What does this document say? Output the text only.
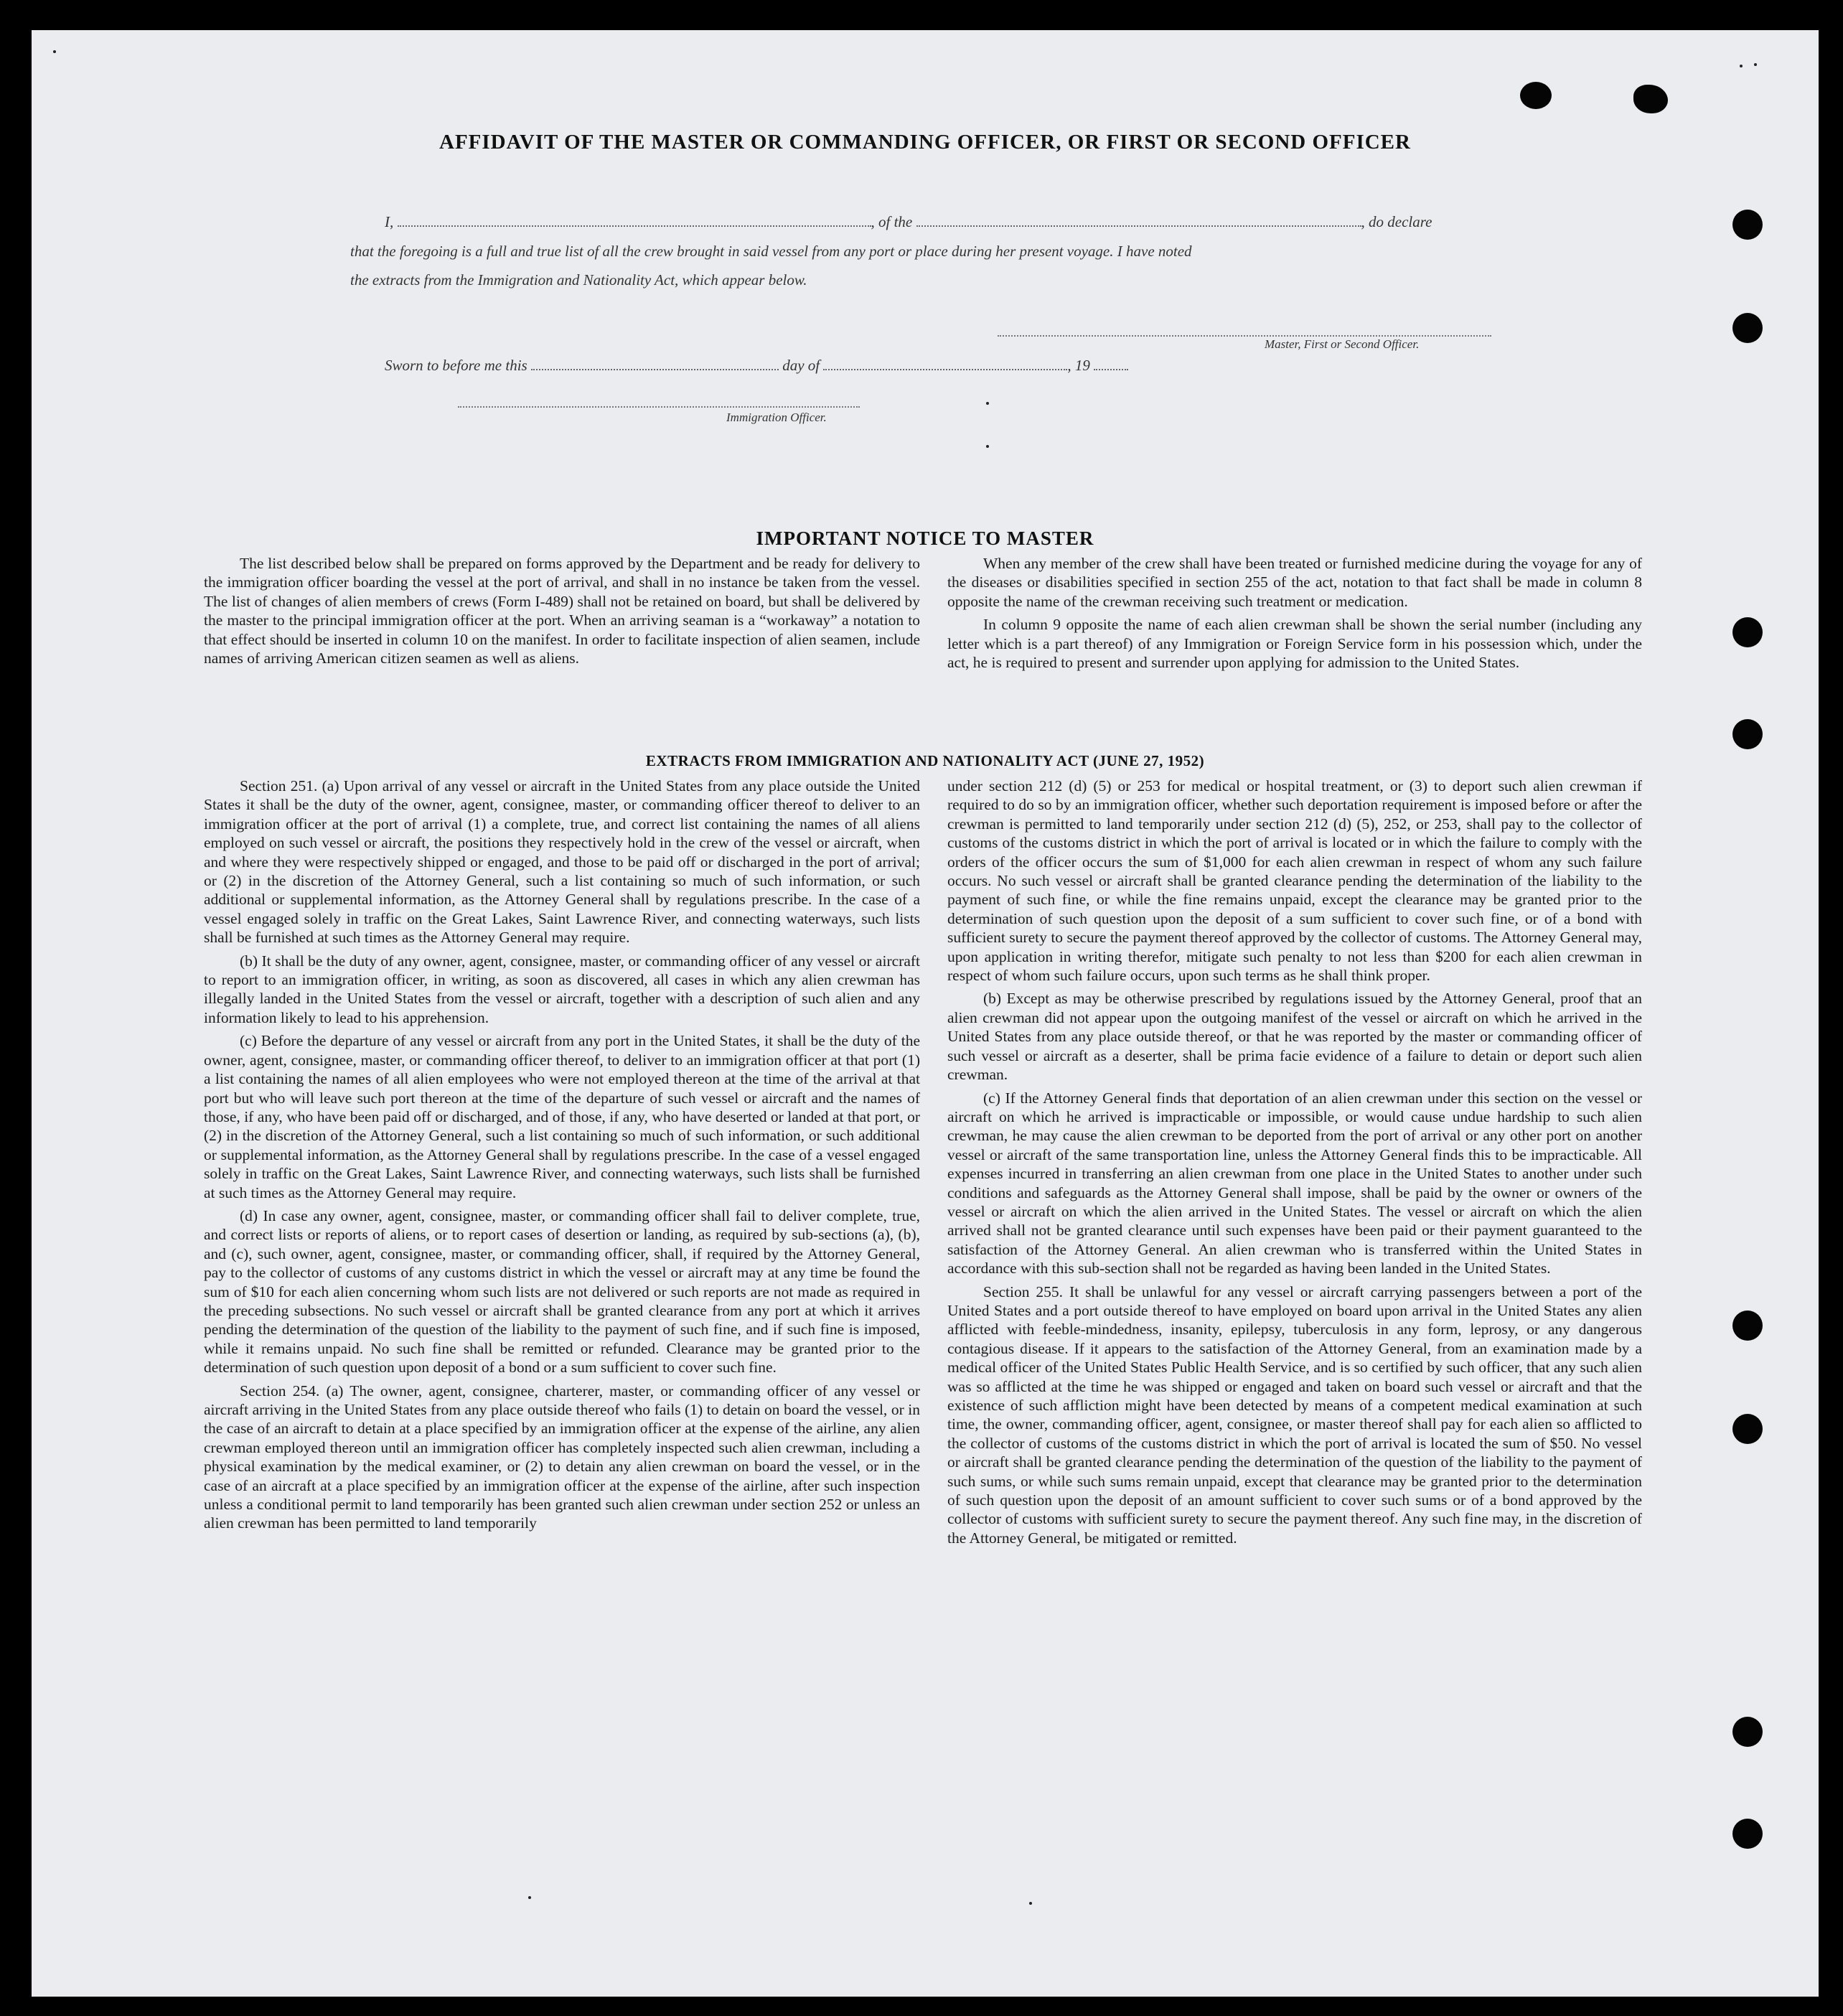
AFFIDAVIT OF THE MASTER OR COMMANDING OFFICER, OR FIRST OR SECOND OFFICER
I,	, of the	, do declare
that the foregoing is a full and true list of all the crew brought in said vessel from any port or place during her present voyage. I have noted
the extracts from the Immigration and Nationality Act, which appear below.
Master, First or Second Officer.
Sworn to before me this	day of	, 19
Immigration Officer.
IMPORTANT NOTICE TO MASTER

The list described below shall be prepared on forms approved by the Department and be ready for delivery to the immigration officer boarding the vessel at the port of arrival, and shall in no instance be taken from the vessel. The list of changes of alien members of crews (Form I-489) shall not be retained on board, but shall be delivered by the master to the principal immigration officer at the port. When an arriving seaman is a “workaway” a notation to that effect should be inserted in column 10 on the manifest. In order to facilitate inspection of alien seamen, include names of arriving American citizen seamen as well as aliens.

When any member of the crew shall have been treated or furnished medicine during the voyage for any of the diseases or disabilities specified in section 255 of the act, notation to that fact shall be made in column 8 opposite the name of the crewman receiving such treatment or medication.

In column 9 opposite the name of each alien crewman shall be shown the serial number (including any letter which is a part thereof) of any Immigration or Foreign Service form in his possession which, under the act, he is required to present and surrender upon applying for admission to the United States.

EXTRACTS FROM IMMIGRATION AND NATIONALITY ACT (JUNE 27, 1952)

Section 251. (a) Upon arrival of any vessel or aircraft in the United States from any place outside the United States it shall be the duty of the owner, agent, consignee, master, or commanding officer thereof to deliver to an immigration officer at the port of arrival (1) a complete, true, and correct list containing the names of all aliens employed on such vessel or aircraft, the positions they respectively hold in the crew of the vessel or aircraft, when and where they were respectively shipped or engaged, and those to be paid off or discharged in the port of arrival; or (2) in the discretion of the Attorney General, such a list containing so much of such information, or such additional or supplemental information, as the Attorney General shall by regulations prescribe. In the case of a vessel engaged solely in traffic on the Great Lakes, Saint Lawrence River, and connecting waterways, such lists shall be furnished at such times as the Attorney General may require.

(b) It shall be the duty of any owner, agent, consignee, master, or commanding officer of any vessel or aircraft to report to an immigration officer, in writing, as soon as discovered, all cases in which any alien crewman has illegally landed in the United States from the vessel or aircraft, together with a description of such alien and any information likely to lead to his apprehension.

(c) Before the departure of any vessel or aircraft from any port in the United States, it shall be the duty of the owner, agent, consignee, master, or commanding officer thereof, to deliver to an immigration officer at that port (1) a list containing the names of all alien employees who were not employed thereon at the time of the arrival at that port but who will leave such port thereon at the time of the departure of such vessel or aircraft and the names of those, if any, who have been paid off or discharged, and of those, if any, who have deserted or landed at that port, or (2) in the discretion of the Attorney General, such a list containing so much of such information, or such additional or supplemental information, as the Attorney General shall by regulations prescribe. In the case of a vessel engaged solely in traffic on the Great Lakes, Saint Lawrence River, and connecting waterways, such lists shall be furnished at such times as the Attorney General may require.

(d) In case any owner, agent, consignee, master, or commanding officer shall fail to deliver complete, true, and correct lists or reports of aliens, or to report cases of desertion or landing, as required by sub-sections (a), (b), and (c), such owner, agent, consignee, master, or commanding officer, shall, if required by the Attorney General, pay to the collector of customs of any customs district in which the vessel or aircraft may at any time be found the sum of $10 for each alien concerning whom such lists are not delivered or such reports are not made as required in the preceding subsections. No such vessel or aircraft shall be granted clearance from any port at which it arrives pending the determination of the question of the liability to the payment of such fine, and if such fine is imposed, while it remains unpaid. No such fine shall be remitted or refunded. Clearance may be granted prior to the determination of such question upon deposit of a bond or a sum sufficient to cover such fine.

Section 254. (a) The owner, agent, consignee, charterer, master, or commanding officer of any vessel or aircraft arriving in the United States from any place outside thereof who fails (1) to detain on board the vessel, or in the case of an aircraft to detain at a place specified by an immigration officer at the expense of the airline, any alien crewman employed thereon until an immigration officer has completely inspected such alien crewman, including a physical examination by the medical examiner, or (2) to detain any alien crewman on board the vessel, or in the case of an aircraft at a place specified by an immigration officer at the expense of the airline, after such inspection unless a conditional permit to land temporarily has been granted such alien crewman under section 252 or unless an alien crewman has been permitted to land temporarily

under section 212 (d) (5) or 253 for medical or hospital treatment, or (3) to deport such alien crewman if required to do so by an immigration officer, whether such deportation requirement is imposed before or after the crewman is permitted to land temporarily under section 212 (d) (5), 252, or 253, shall pay to the collector of customs of the customs district in which the port of arrival is located or in which the failure to comply with the orders of the officer occurs the sum of $1,000 for each alien crewman in respect of whom any such failure occurs. No such vessel or aircraft shall be granted clearance pending the determination of the liability to the payment of such fine, or while the fine remains unpaid, except the clearance may be granted prior to the determination of such question upon the deposit of a sum sufficient to cover such fine, or of a bond with sufficient surety to secure the payment thereof approved by the collector of customs. The Attorney General may, upon application in writing therefor, mitigate such penalty to not less than $200 for each alien crewman in respect of whom such failure occurs, upon such terms as he shall think proper.

(b) Except as may be otherwise prescribed by regulations issued by the Attorney General, proof that an alien crewman did not appear upon the outgoing manifest of the vessel or aircraft on which he arrived in the United States from any place outside thereof, or that he was reported by the master or commanding officer of such vessel or aircraft as a deserter, shall be prima facie evidence of a failure to detain or deport such alien crewman.

(c) If the Attorney General finds that deportation of an alien crewman under this section on the vessel or aircraft on which he arrived is impracticable or impossible, or would cause undue hardship to such alien crewman, he may cause the alien crewman to be deported from the port of arrival or any other port on another vessel or aircraft of the same transportation line, unless the Attorney General finds this to be impracticable. All expenses incurred in transferring an alien crewman from one place in the United States to another under such conditions and safeguards as the Attorney General shall impose, shall be paid by the owner or owners of the vessel or aircraft on which the alien arrived in the United States. The vessel or aircraft on which the alien arrived shall not be granted clearance until such expenses have been paid or their payment guaranteed to the satisfaction of the Attorney General. An alien crewman who is transferred within the United States in accordance with this sub-section shall not be regarded as having been landed in the United States.

Section 255. It shall be unlawful for any vessel or aircraft carrying passengers between a port of the United States and a port outside thereof to have employed on board upon arrival in the United States any alien afflicted with feeble-mindedness, insanity, epilepsy, tuberculosis in any form, leprosy, or any dangerous contagious disease. If it appears to the satisfaction of the Attorney General, from an examination made by a medical officer of the United States Public Health Service, and is so certified by such officer, that any such alien was so afflicted at the time he was shipped or engaged and taken on board such vessel or aircraft and that the existence of such affliction might have been detected by means of a competent medical examination at such time, the owner, commanding officer, agent, consignee, or master thereof shall pay for each alien so afflicted to the collector of customs of the customs district in which the port of arrival is located the sum of $50. No vessel or aircraft shall be granted clearance pending the determination of the question of the liability to the payment of such sums, or while such sums remain unpaid, except that clearance may be granted prior to the determination of such question upon the deposit of an amount sufficient to cover such sums or of a bond approved by the collector of customs with sufficient surety to secure the payment thereof. Any such fine may, in the discretion of the Attorney General, be mitigated or remitted.
